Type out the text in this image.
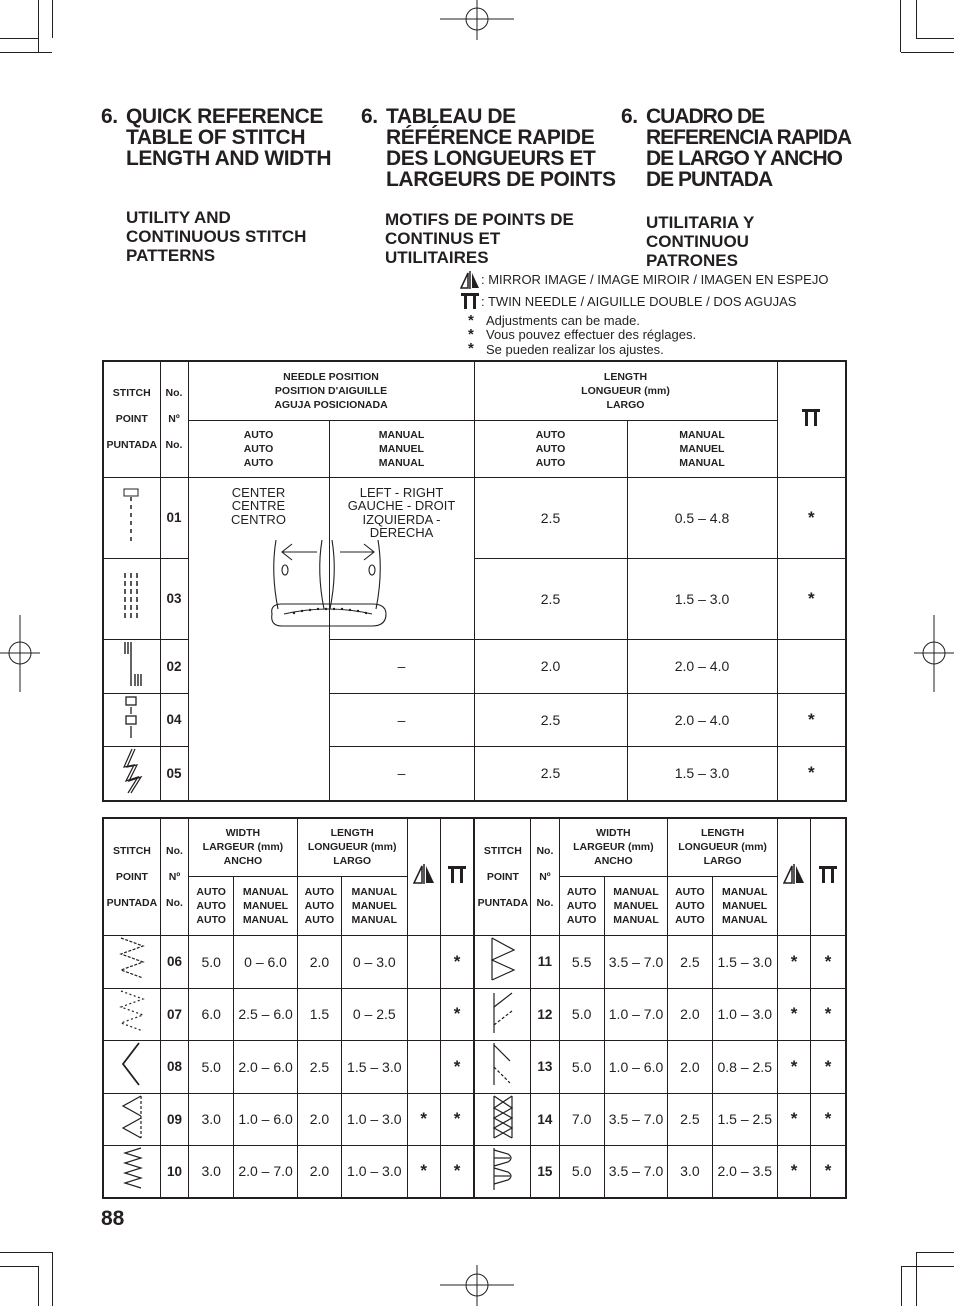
6. QUICK REFERENCE
TABLE OF STITCH
LENGTH AND WIDTH
UTILITY AND
CONTINUOUS STITCH
PATTERNS
6. TABLEAU DE
RÉFÉRENCE RAPIDE
DES LONGUEURS ET
LARGEURS DE POINTS
MOTIFS DE POINTS DE
CONTINUS ET
UTILITAIRES
6. CUADRO DE
REFERENCIA RAPIDA
DE LARGO Y ANCHO
DE PUNTADA
UTILITARIA Y
CONTINUOU
PATRONES
: MIRROR IMAGE / IMAGE MIROIR / IMAGEN EN ESPEJO
: TWIN NEEDLE / AIGUILLE DOUBLE / DOS AGUJAS
* Adjustments can be made.
* Vous pouvez effectuer des réglages.
* Se pueden realizar los ajustes.
STITCH
POINT
PUNTADA	No.
Nº
No.	NEEDLE POSITION
POSITION D'AIGUILLE
AGUJA POSICIONADA		LENGTH
LONGUEUR (mm)
LARGO	
		AUTO
AUTO
AUTO	MANUAL
MANUEL
MANUAL	AUTO
AUTO
AUTO	MANUAL
MANUEL
MANUAL	
	01	CENTER
CENTRE
CENTRO	LEFT - RIGHT
GAUCHE - DROIT
IZQUIERDA - DERECHA	2.5	0.5 – 4.8	*
	03			2.5	1.5 – 3.0	*
	02		–	2.0	2.0 – 4.0	
	04		–	2.5	2.0 – 4.0	*
	05		–	2.5	1.5 – 3.0	*
STITCH
POINT
PUNTADA	No.
Nº
No.	WIDTH
LARGEUR (mm)
ANCHO		LENGTH
LONGUEUR (mm)
LARGO				STITCH
POINT
PUNTADA	No.
Nº
No.	WIDTH
LARGEUR (mm)
ANCHO		LENGTH
LONGUEUR (mm)
LARGO		
		AUTO
AUTO
AUTO	MANUAL
MANUEL
MANUAL	AUTO
AUTO
AUTO	MANUAL
MANUEL
MANUAL					AUTO
AUTO
AUTO	MANUAL
MANUEL
MANUAL	AUTO
AUTO
AUTO	MANUAL
MANUEL
MANUAL		
	06	5.0	0 – 6.0	2.0	0 – 3.0		*		11	5.5	3.5 – 7.0	2.5	1.5 – 3.0	*	*
	07	6.0	2.5 – 6.0	1.5	0 – 2.5		*		12	5.0	1.0 – 7.0	2.0	1.0 – 3.0	*	*
	08	5.0	2.0 – 6.0	2.5	1.5 – 3.0		*		13	5.0	1.0 – 6.0	2.0	0.8 – 2.5	*	*
	09	3.0	1.0 – 6.0	2.0	1.0 – 3.0	*	*		14	7.0	3.5 – 7.0	2.5	1.5 – 2.5	*	*
	10	3.0	2.0 – 7.0	2.0	1.0 – 3.0	*	*		15	5.0	3.5 – 7.0	3.0	2.0 – 3.5	*	*
88
